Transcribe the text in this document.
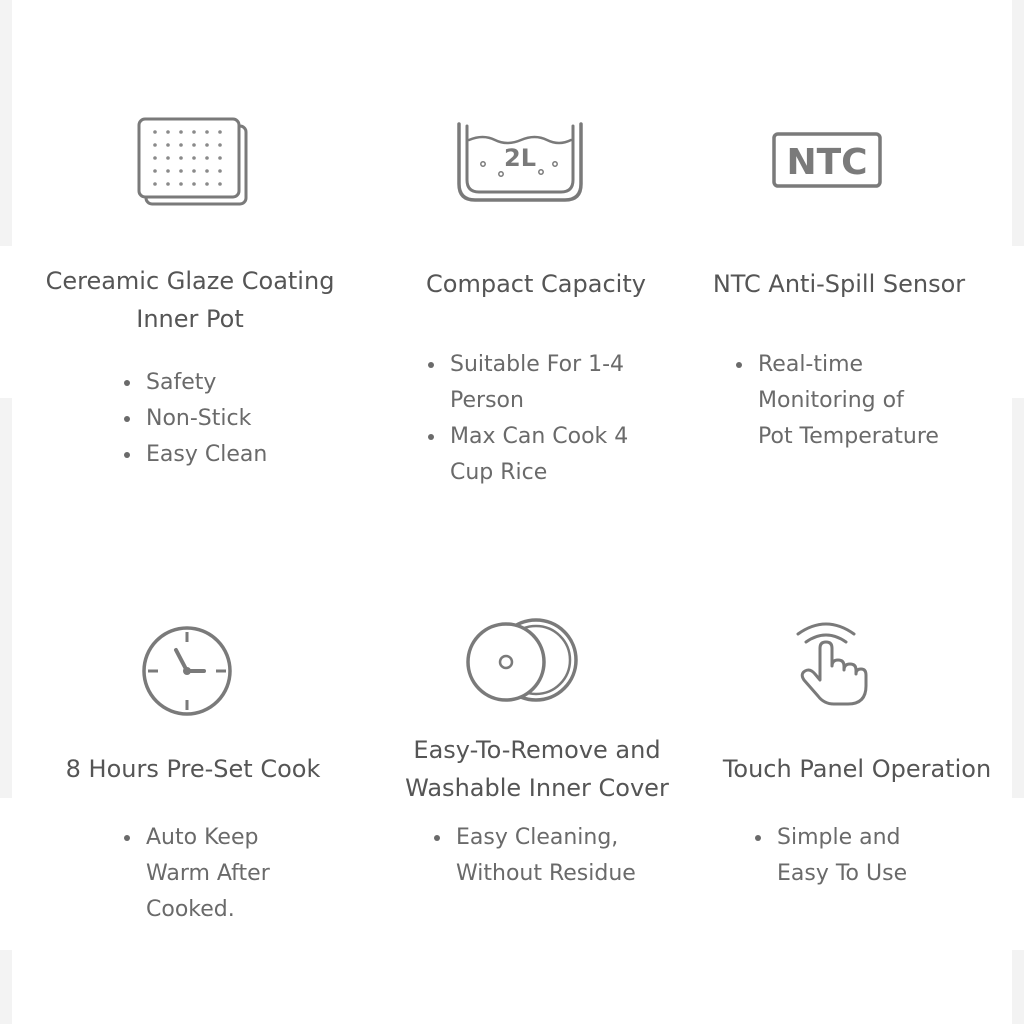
Cereamic Glaze Coating
Inner Pot
Safety
Non-Stick
Easy Clean
2L
Compact Capacity
Suitable For 1-4
Person
Max Can Cook 4
Cup Rice
NTC
NTC Anti-Spill Sensor
Real-time
Monitoring of
Pot Temperature
8 Hours Pre-Set Cook
Auto Keep
Warm After
Cooked.
Easy-To-Remove and
Washable Inner Cover
Easy Cleaning,
Without Residue
Touch Panel Operation
Simple and
Easy To Use
